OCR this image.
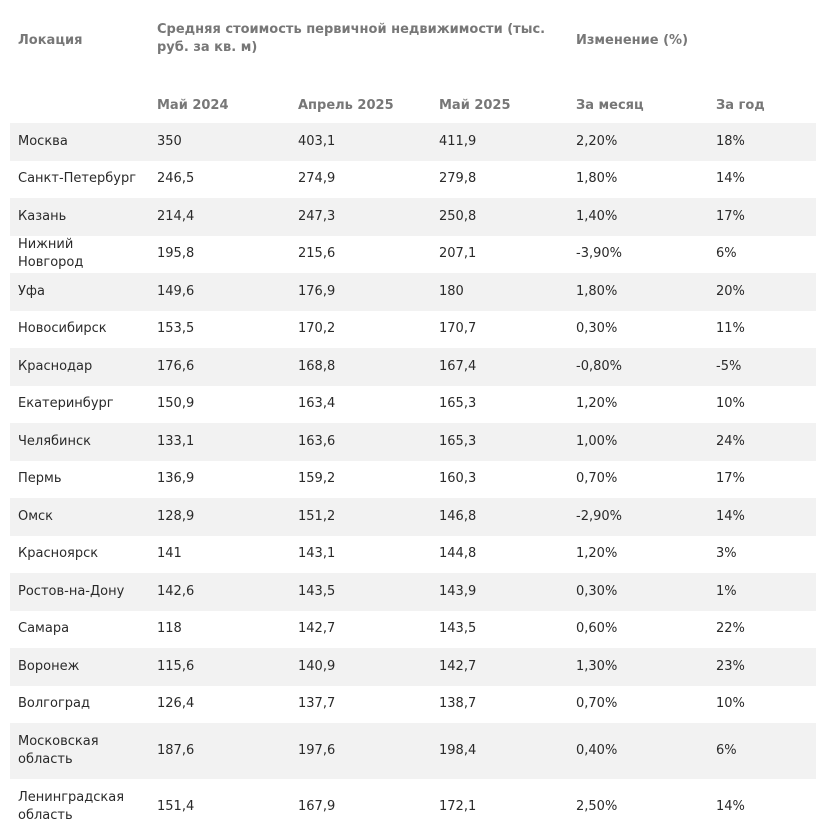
Локация	Средняя стоимость первичной недвижимости (тыс. руб. за кв. м)			Изменение (%)	
	Май 2024	Апрель 2025	Май 2025	За месяц	За год
Москва	350	403,1	411,9	2,20%	18%
Санкт-Петербург	246,5	274,9	279,8	1,80%	14%
Казань	214,4	247,3	250,8	1,40%	17%
Нижний Новгород	195,8	215,6	207,1	-3,90%	6%
Уфа	149,6	176,9	180	1,80%	20%
Новосибирск	153,5	170,2	170,7	0,30%	11%
Краснодар	176,6	168,8	167,4	-0,80%	-5%
Екатеринбург	150,9	163,4	165,3	1,20%	10%
Челябинск	133,1	163,6	165,3	1,00%	24%
Пермь	136,9	159,2	160,3	0,70%	17%
Омск	128,9	151,2	146,8	-2,90%	14%
Красноярск	141	143,1	144,8	1,20%	3%
Ростов-на-Дону	142,6	143,5	143,9	0,30%	1%
Самара	118	142,7	143,5	0,60%	22%
Воронеж	115,6	140,9	142,7	1,30%	23%
Волгоград	126,4	137,7	138,7	0,70%	10%
Московская область	187,6	197,6	198,4	0,40%	6%
Ленинградская область	151,4	167,9	172,1	2,50%	14%
